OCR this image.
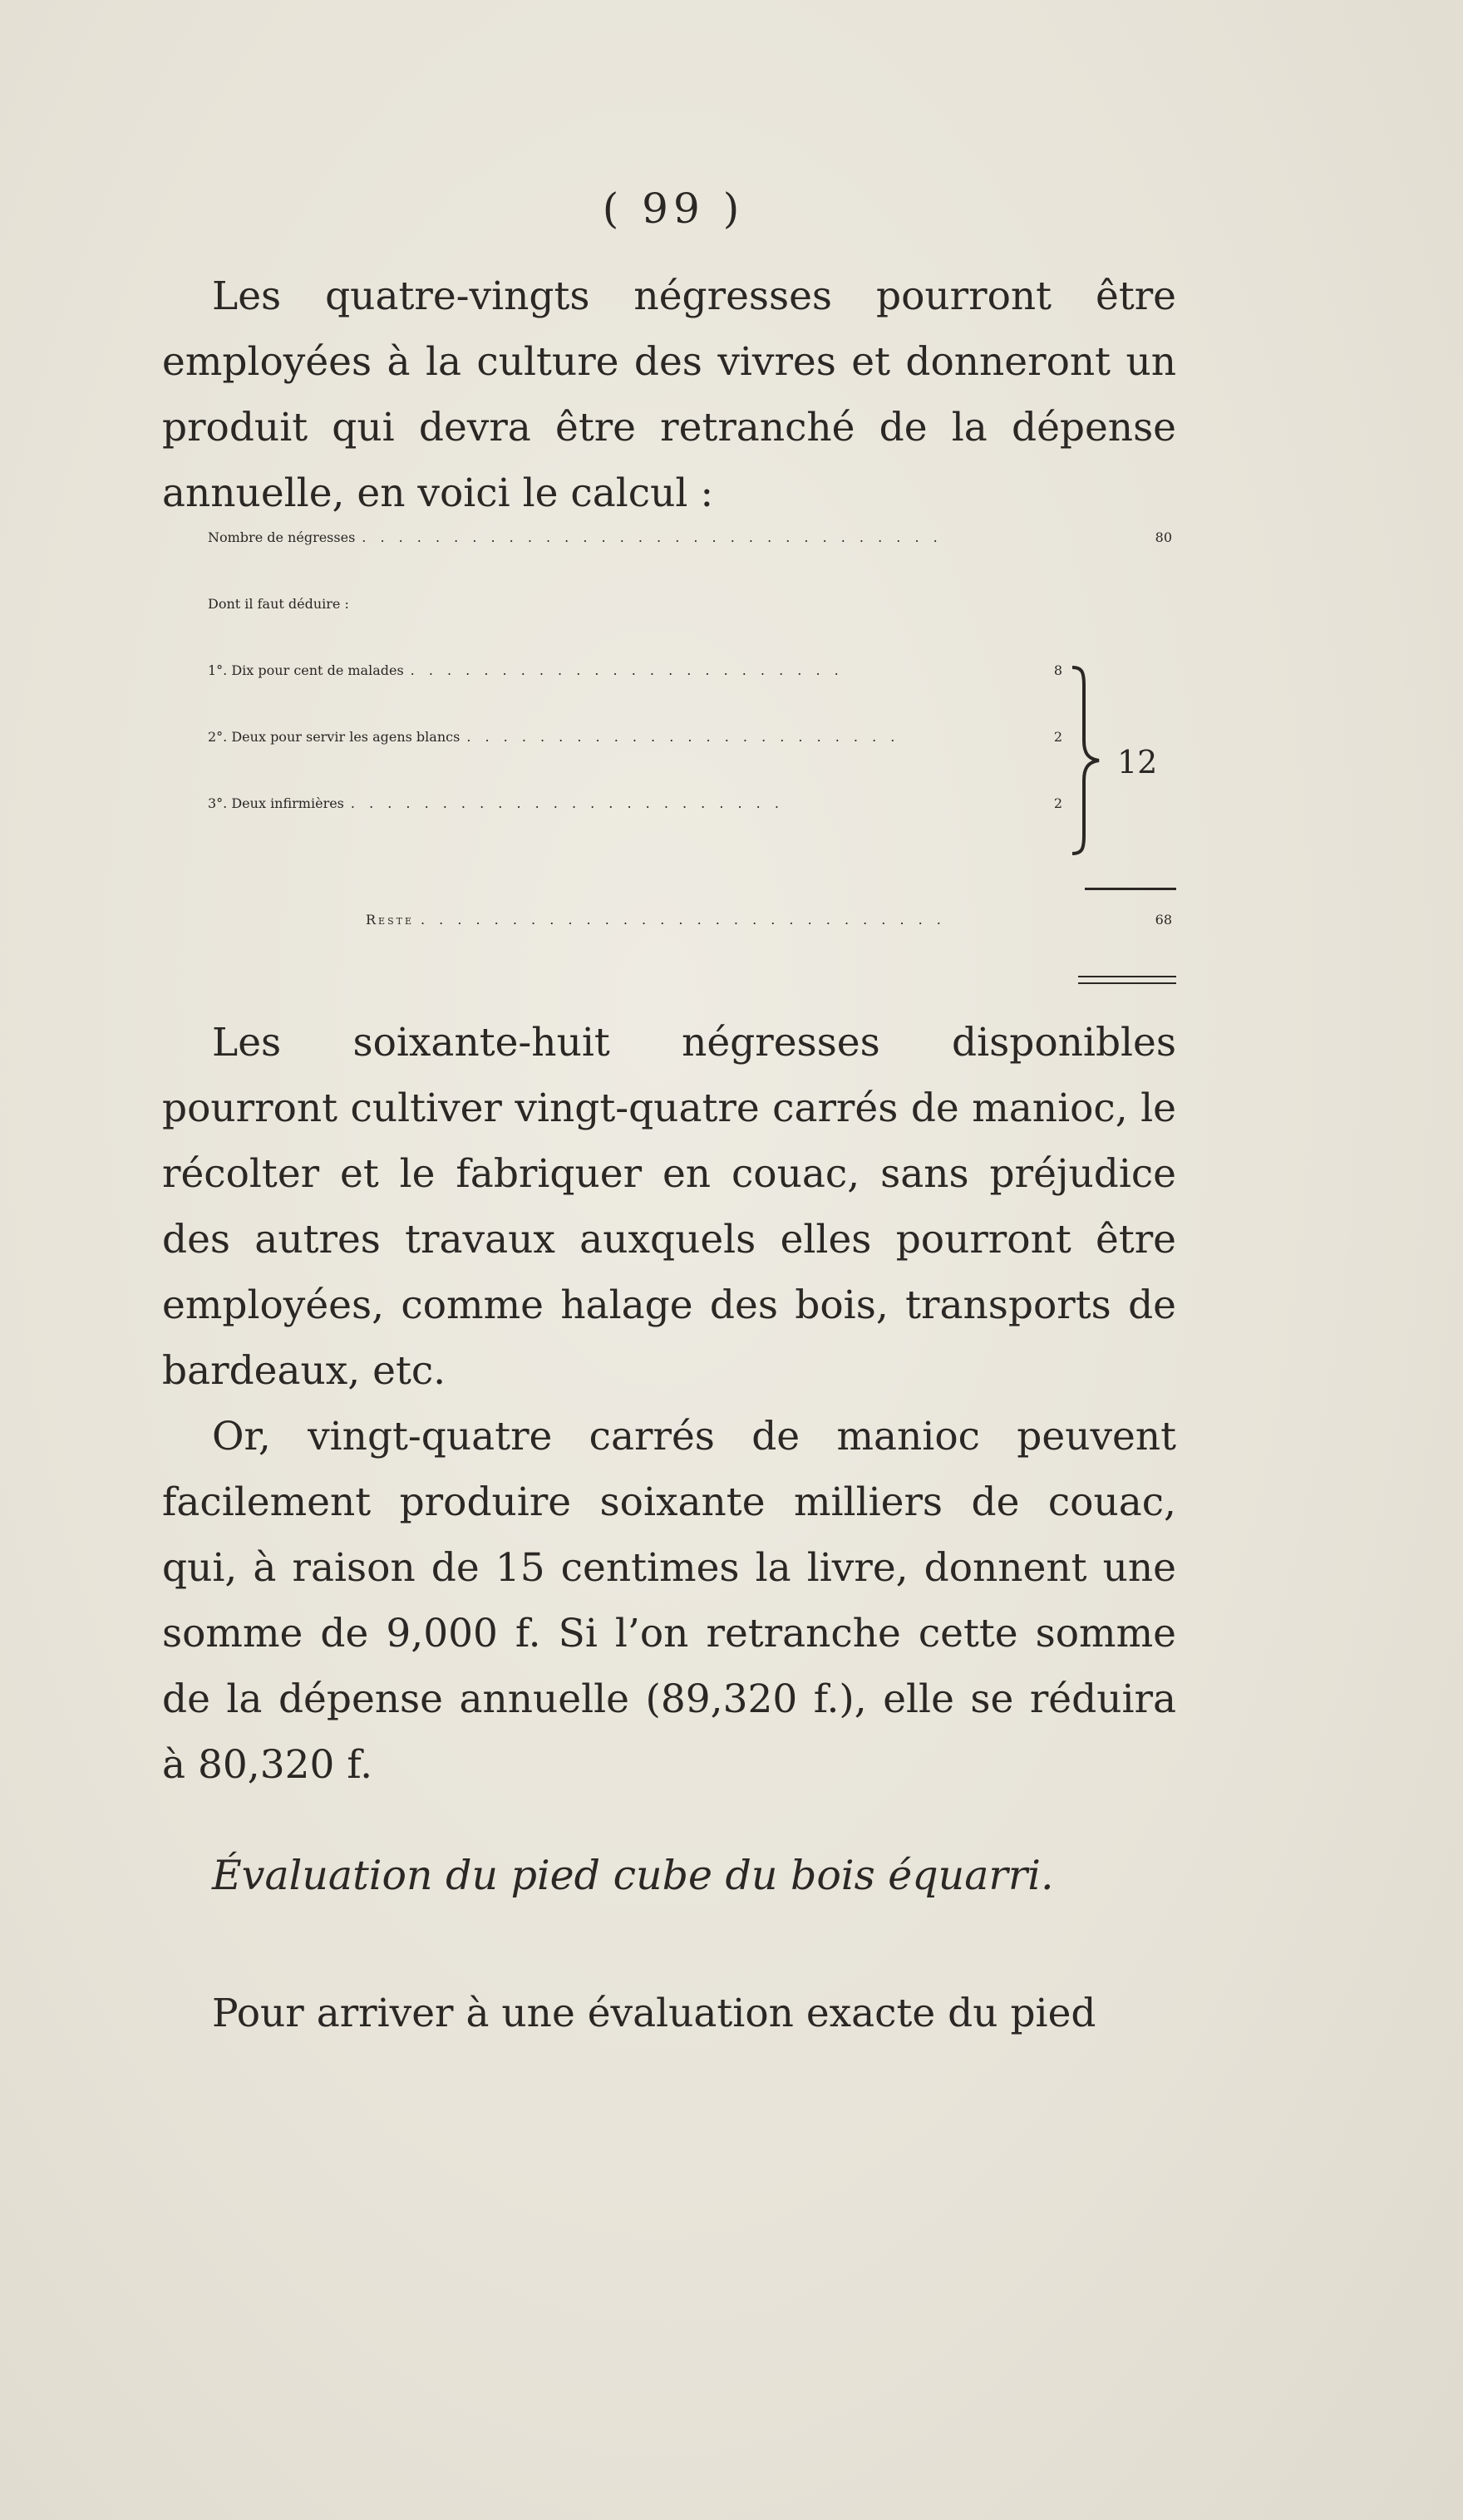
( 99 )

Les quatre-vingts négresses pourront être employées à la culture des vivres et donneront un produit qui devra être retranché de la dépense annuelle, en voici le calcul :

Nombre de négresses . . . . . . . . . . . . . . . . . . . . . . . . . . . . . . . .	80
Dont il faut déduire :
1°. Dix pour cent de malades . . . . . . . . . . . . . . . . . . . . . . . .	8
2°. Deux pour servir les agens blancs . . . . . . . . . . . . . . . . . . . . . . . .	2
3°. Deux infirmières . . . . . . . . . . . . . . . . . . . . . . . .	2
12
Reste . . . . . . . . . . . . . . . . . . . . . . . . . . . . .	68

Les soixante-huit négresses disponibles pourront cultiver vingt-quatre carrés de manioc, le récolter et le fabriquer en couac, sans préjudice des autres travaux auxquels elles pourront être employées, comme halage des bois, transports de bardeaux, etc.

Or, vingt-quatre carrés de manioc peuvent facilement produire soixante milliers de couac, qui, à raison de 15 centimes la livre, donnent une somme de 9,000 f. Si l’on retranche cette somme de la dépense annuelle (89,320 f.), elle se réduira à 80,320 f.

Évaluation du pied cube du bois équarri.

Pour arriver à une évaluation exacte du pied
